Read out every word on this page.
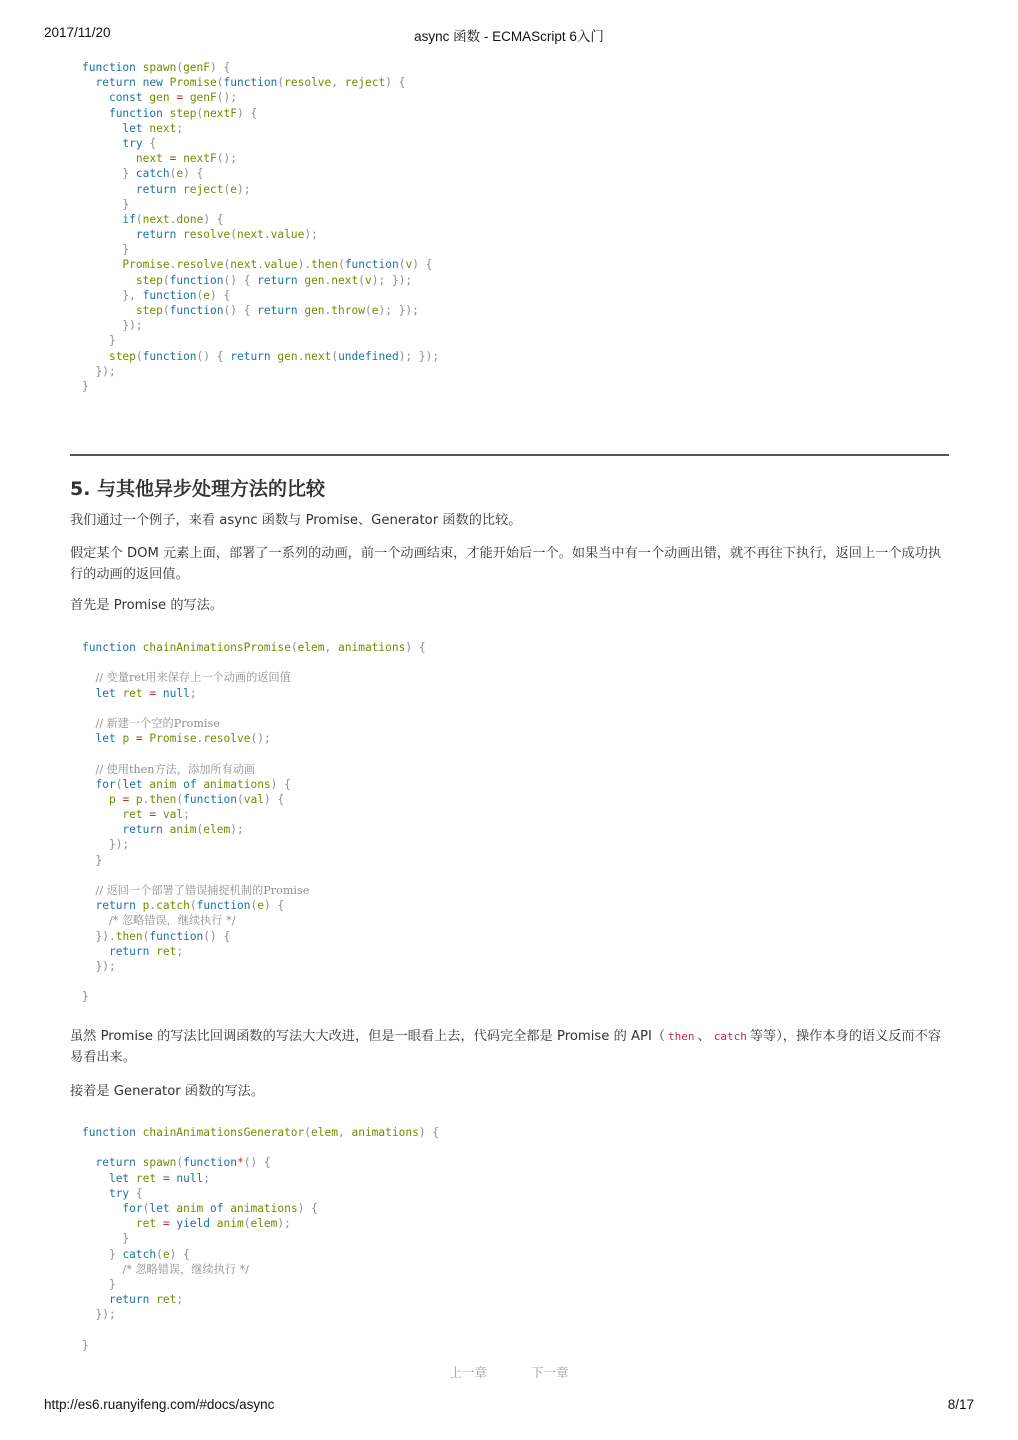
2017/11/20	async 函数 - ECMAScript 6入门
function spawn(genF) {
return new Promise(function(resolve, reject) {
const gen = genF();
function step(nextF) {
let next;
try {
next = nextF();
} catch(e) {
return reject(e);
}
if(next.done) {
return resolve(next.value);
}
Promise.resolve(next.value).then(function(v) {
step(function() { return gen.next(v); });
}, function(e) {
step(function() { return gen.throw(e); });
});
}
step(function() { return gen.next(undefined); });
});
}
5. 与其他异步处理方法的比较

我们通过一个例子，来看 async 函数与 Promise、Generator 函数的比较。

假定某个 DOM 元素上面，部署了一系列的动画，前一个动画结束，才能开始后一个。如果当中有一个动画出错，就不再往下执行，返回上一个成功执行的动画的返回值。

首先是 Promise 的写法。

function chainAnimationsPromise(elem, animations) {
// 变量ret用来保存上一个动画的返回值
let ret = null;
// 新建一个空的Promise
let p = Promise.resolve();
// 使用then方法，添加所有动画
for(let anim of animations) {
p = p.then(function(val) {
ret = val;
return anim(elem);
});
}
// 返回一个部署了错误捕捉机制的Promise
return p.catch(function(e) {
/* 忽略错误，继续执行 */
}).then(function() {
return ret;
});
}

虽然 Promise 的写法比回调函数的写法大大改进，但是一眼看上去，代码完全都是 Promise 的 API（ then 、 catch 等等），操作本身的语义反而不容易看出来。

接着是 Generator 函数的写法。

function chainAnimationsGenerator(elem, animations) {
return spawn(function*() {
let ret = null;
try {
for(let anim of animations) {
ret = yield anim(elem);
}
} catch(e) {
/* 忽略错误，继续执行 */
}
return ret;
});
}
上一章	下一章
http://es6.ruanyifeng.com/#docs/async	8/17
